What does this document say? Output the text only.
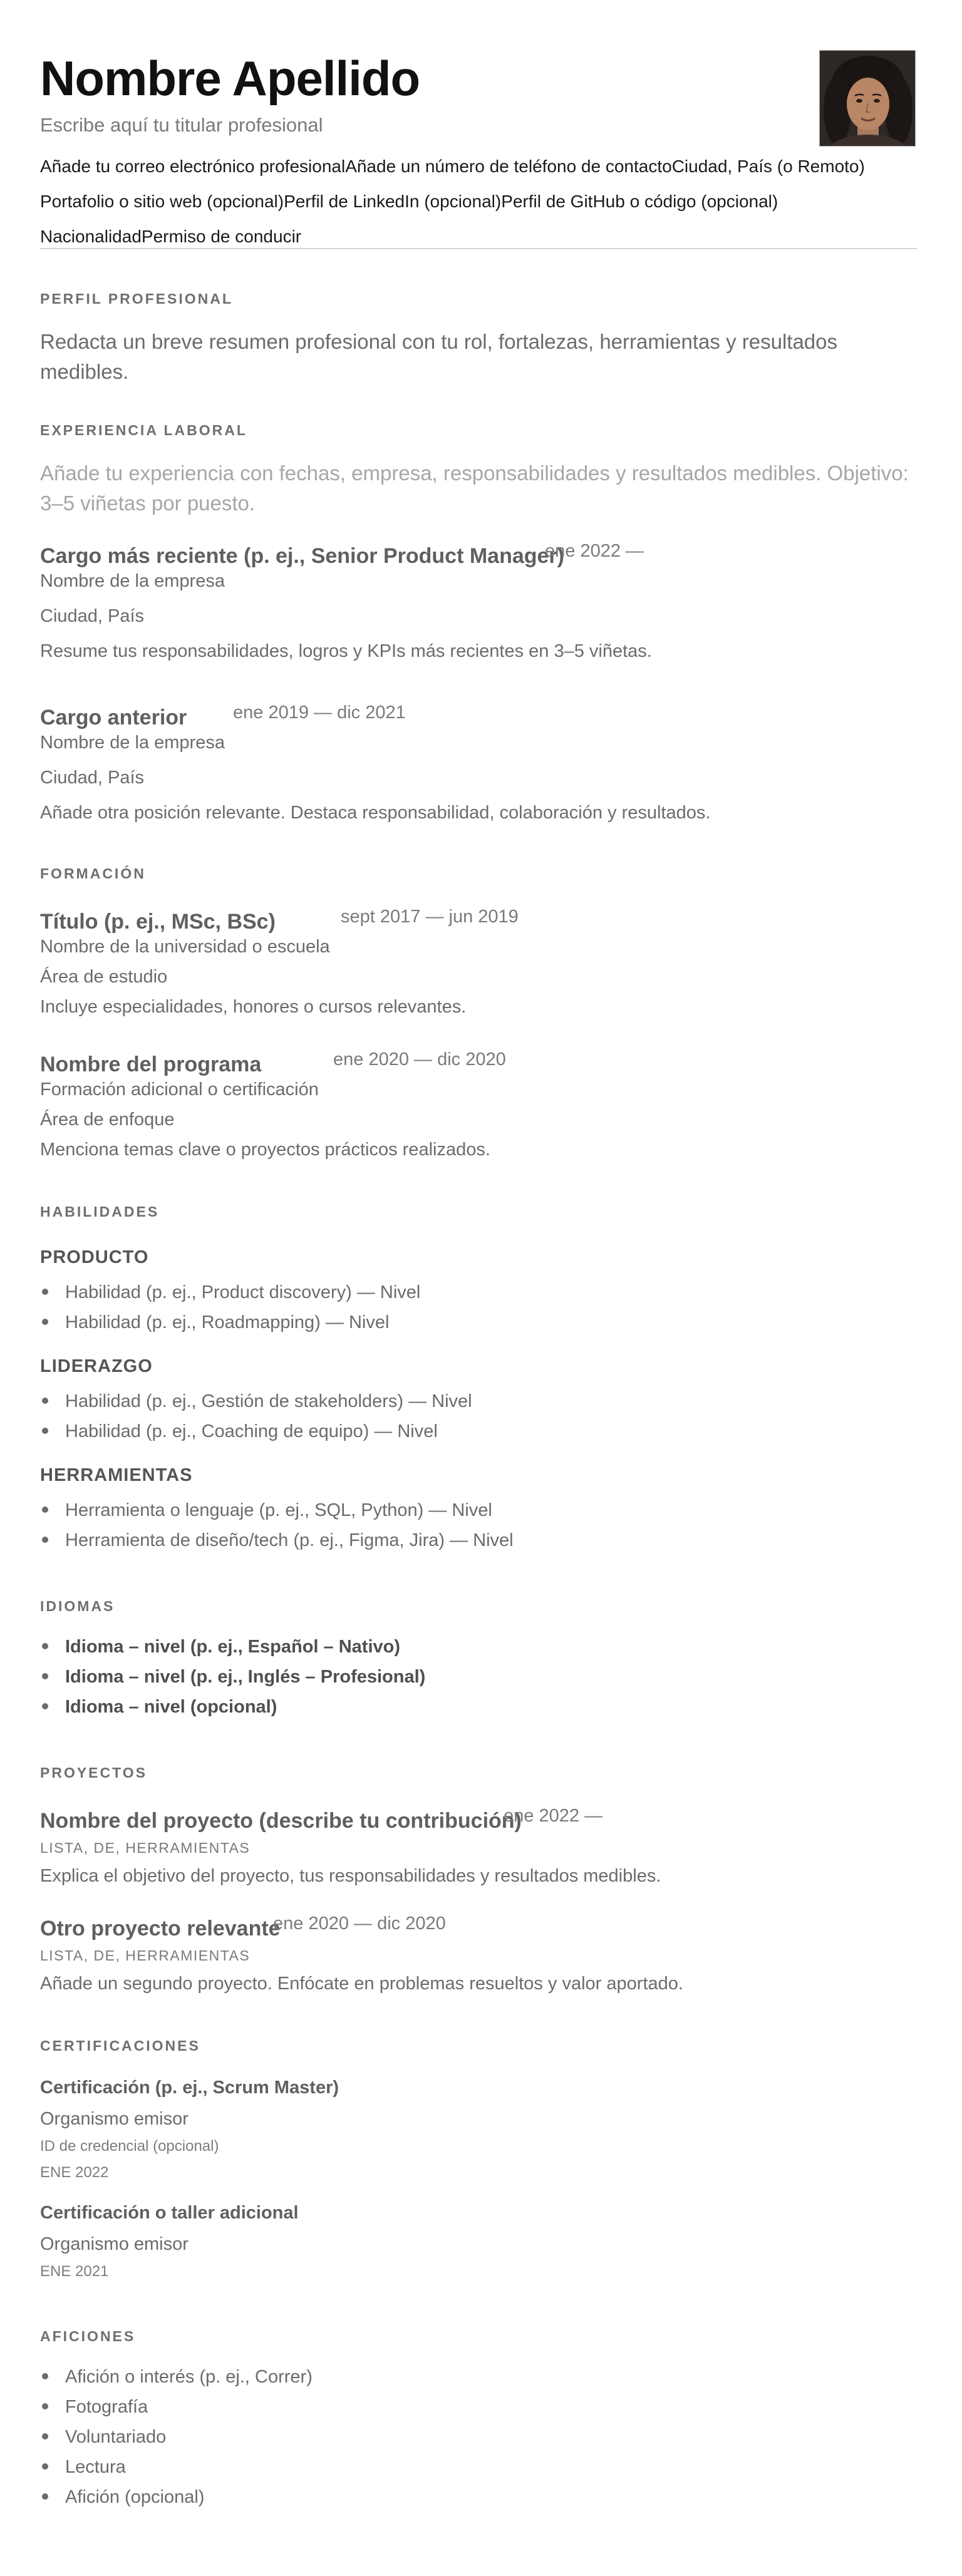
Nombre Apellido

Escribe aquí tu titular profesional

Añade tu correo electrónico profesionalAñade un número de teléfono de contactoCiudad, País (o Remoto)
Portafolio o sitio web (opcional)Perfil de LinkedIn (opcional)Perfil de GitHub o código (opcional)
NacionalidadPermiso de conducir
PERFIL PROFESIONAL

Redacta un breve resumen profesional con tu rol, fortalezas, herramientas y resultados medibles.

EXPERIENCIA LABORAL

Añade tu experiencia con fechas, empresa, responsabilidades y resultados medibles. Objetivo: 3–5 viñetas por puesto.

Cargo más reciente (p. ej., Senior Product Manager)
ene 2022 —
Nombre de la empresa
Ciudad, País
Resume tus responsabilidades, logros y KPIs más recientes en 3–5 viñetas.
Cargo anterior	ene 2019 — dic 2021
Nombre de la empresa
Ciudad, País
Añade otra posición relevante. Destaca responsabilidad, colaboración y resultados.
FORMACIÓN
Título (p. ej., MSc, BSc)	sept 2017 — jun 2019
Nombre de la universidad o escuela
Área de estudio
Incluye especialidades, honores o cursos relevantes.
Nombre del programa	ene 2020 — dic 2020
Formación adicional o certificación
Área de enfoque
Menciona temas clave o proyectos prácticos realizados.
HABILIDADES
PRODUCTO
Habilidad (p. ej., Product discovery) — Nivel
Habilidad (p. ej., Roadmapping) — Nivel
LIDERAZGO
Habilidad (p. ej., Gestión de stakeholders) — Nivel
Habilidad (p. ej., Coaching de equipo) — Nivel
HERRAMIENTAS
Herramienta o lenguaje (p. ej., SQL, Python) — Nivel
Herramienta de diseño/tech (p. ej., Figma, Jira) — Nivel
IDIOMAS
Idioma – nivel (p. ej., Español – Nativo)
Idioma – nivel (p. ej., Inglés – Profesional)
Idioma – nivel (opcional)
PROYECTOS
Nombre del proyecto (describe tu contribución)
ene 2022 —
LISTA, DE, HERRAMIENTAS
Explica el objetivo del proyecto, tus responsabilidades y resultados medibles.
Otro proyecto relevante
ene 2020 — dic 2020
LISTA, DE, HERRAMIENTAS
Añade un segundo proyecto. Enfócate en problemas resueltos y valor aportado.
CERTIFICACIONES
Certificación (p. ej., Scrum Master)
Organismo emisor
ID de credencial (opcional)
ENE 2022
Certificación o taller adicional
Organismo emisor
ENE 2021
AFICIONES
Afición o interés (p. ej., Correr)
Fotografía
Voluntariado
Lectura
Afición (opcional)
